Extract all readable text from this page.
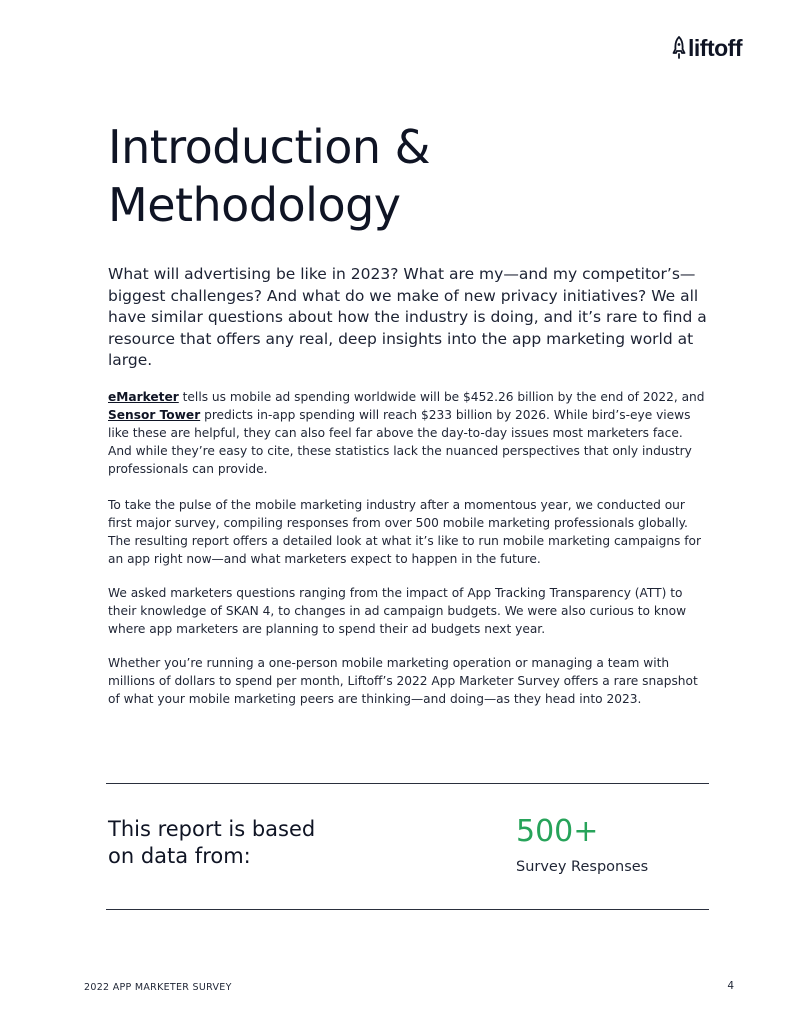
liftoff
Introduction &
Methodology

What will advertising be like in 2023? What are my—and my competitor’s—biggest challenges? And what do we make of new privacy initiatives? We all have similar questions about how the industry is doing, and it’s rare to find a resource that offers any real, deep insights into the app marketing world at large.

eMarketer tells us mobile ad spending worldwide will be $452.26 billion by the end of 2022, and Sensor Tower predicts in-app spending will reach $233 billion by 2026. While bird’s-eye views like these are helpful, they can also feel far above the day-to-day issues most marketers face. And while they’re easy to cite, these statistics lack the nuanced perspectives that only industry professionals can provide.

To take the pulse of the mobile marketing industry after a momentous year, we conducted our first major survey, compiling responses from over 500 mobile marketing professionals globally. The resulting report offers a detailed look at what it’s like to run mobile marketing campaigns for an app right now—and what marketers expect to happen in the future.

We asked marketers questions ranging from the impact of App Tracking Transparency (ATT) to their knowledge of SKAN 4, to changes in ad campaign budgets. We were also curious to know where app marketers are planning to spend their ad budgets next year.

Whether you’re running a one-person mobile marketing operation or managing a team with millions of dollars to spend per month, Liftoff’s 2022 App Marketer Survey offers a rare snapshot of what your mobile marketing peers are thinking—and doing—as they head into 2023.

This report is based
on data from:

500+

Survey Responses

2022 APP MARKETER SURVEY	4
